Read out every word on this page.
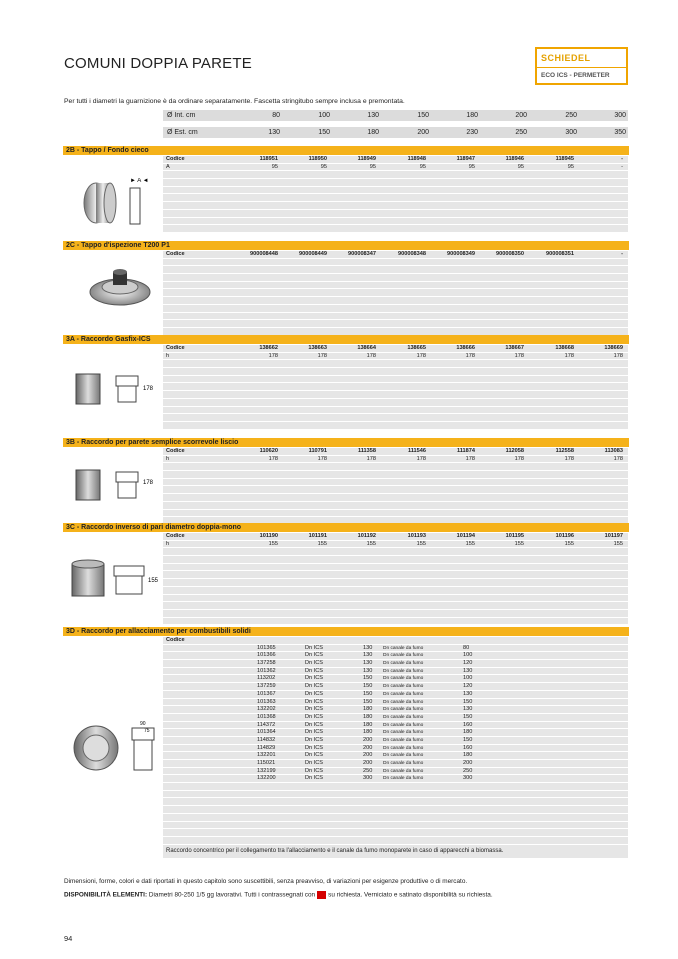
COMUNI DOPPIA PARETE	SCHIEDEL
ECO ICS - PERMETER
Per tutti i diametri la guarnizione è da ordinare separatamente. Fascetta stringitubo sempre inclusa e premontata.
Ø Int. cm	80	100	130	150	180	200	250	300
Ø Est. cm	130	150	180	200	230	250	300	350
2B - Tappo / Fondo cieco
Codice	118951	118950	118949	118948	118947	118946	118945	-
A	95	95	95	95	95	95	95	-
2C - Tappo d'ispezione T200 P1
Codice	900008448	900008449	900008347	900008348	900008349	900008350	900008351	-
3A - Raccordo Gasfix-ICS
Codice	138662	138663	138664	138665	138666	138667	138668	138669
h	178	178	178	178	178	178	178	178
3B - Raccordo per parete semplice scorrevole liscio
Codice	110620	110791	111358	111546	111874	112058	112558	113083
h	178	178	178	178	178	178	178	178
3C - Raccordo inverso di pari diametro doppia-mono
Codice	101190	101191	101192	101193	101194	101195	101196	101197
h	155	155	155	155	155	155	155	155
3D - Raccordo per allacciamento per combustibili solidi
Codice
101365	Dn ICS	130 Dn canale da fumo	80
101366	Dn ICS	130 Dn canale da fumo	100
137258	Dn ICS	130 Dn canale da fumo	120
101362	Dn ICS	130 Dn canale da fumo	130
113202	Dn ICS	150 Dn canale da fumo	100
137259	Dn ICS	150 Dn canale da fumo	120
101367	Dn ICS	150 Dn canale da fumo	130
101363	Dn ICS	150 Dn canale da fumo	150
132202	Dn ICS	180 Dn canale da fumo	130
101368	Dn ICS	180 Dn canale da fumo	150
114372	Dn ICS	180 Dn canale da fumo	160
101364	Dn ICS	180 Dn canale da fumo	180
114832	Dn ICS	200 Dn canale da fumo	150
114829	Dn ICS	200 Dn canale da fumo	160
132201	Dn ICS	200 Dn canale da fumo	180
115021	Dn ICS	200 Dn canale da fumo	200
132199	Dn ICS	250 Dn canale da fumo	250
132200	Dn ICS	300 Dn canale da fumo	300
► A ◄
178
178
155
90
75
Raccordo concentrico per il collegamento tra l'allacciamento e il canale da fumo monoparete in caso di apparecchi a biomassa.
Dimensioni, forme, colori e dati riportati in questo capitolo sono suscettibili, senza preavviso, di variazioni per esigenze produttive o di mercato.
DISPONIBILITÀ ELEMENTI: Diametri 80-250 1/5 gg lavorativi. Tutti i contrassegnati con su richiesta. Verniciato e satinato disponibilità su richiesta.
94
